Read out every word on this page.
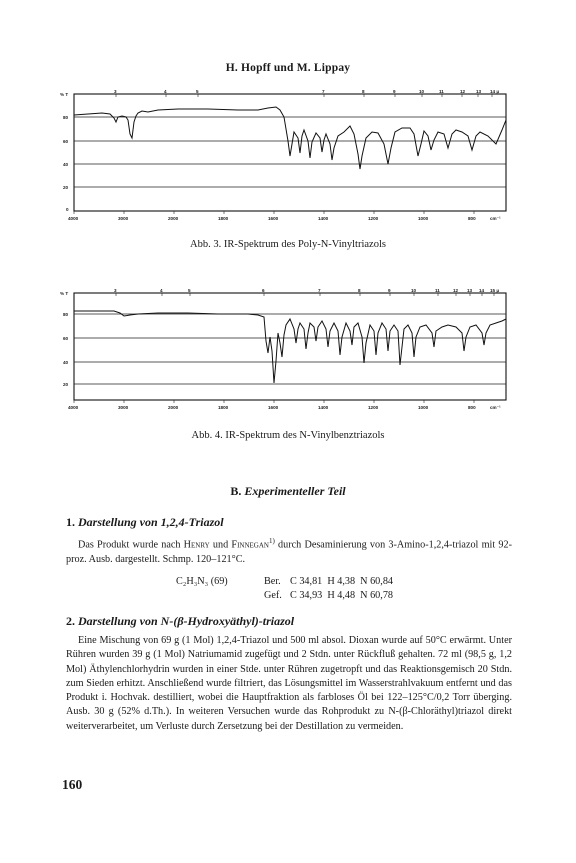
H. Hopff und M. Lippay
% T
80
60
40
20
0
3	4	5	7	8	9	10	11	12 13 14 μ
4000	3000	2000	1800	1600	1400	1200	1000	800	cm⁻¹
Abb. 3. IR-Spektrum des Poly-N-Vinyltriazols
% T
80
60
40
20
3	4	5	6	7	8	9	10	11	12 13 14 15 μ
4000	3000	2000	1800	1600	1400	1200	1000	800	cm⁻¹
Abb. 4. IR-Spektrum des N-Vinylbenztriazols
B. Experimenteller Teil
1. Darstellung von 1,2,4-Triazol
Das Produkt wurde nach Henry und Finnegan$^{1)}$ durch Desaminierung von 3-Amino-1,2,4-triazol mit 92-proz. Ausb. dargestellt. Schmp. 120–121°C.
C₂H₃N₃ (69)	Ber. C 34,81  H 4,38  N 60,84
Gef. C 34,93  H 4,48  N 60,78
2. Darstellung von N-(β-Hydroxyäthyl)-triazol
Eine Mischung von 69 g (1 Mol) 1,2,4-Triazol und 500 ml absol. Dioxan wurde auf 50°C erwärmt. Unter Rühren wurden 39 g (1 Mol) Natriumamid zugefügt und 2 Stdn. unter Rückfluß gehalten. 72 ml (98,5 g, 1,2 Mol) Äthylenchlorhydrin wurden in einer Stde. unter Rühren zugetropft und das Reaktionsgemisch 20 Stdn. zum Sieden erhitzt. Anschließend wurde filtriert, das Lösungsmittel im Wasserstrahlvakuum entfernt und das Produkt i. Hochvak. destilliert, wobei die Hauptfraktion als farbloses Öl bei 122–125°C/0,2 Torr überging. Ausb. 30 g (52% d.Th.). In weiteren Versuchen wurde das Rohprodukt zu N-(β-Chloräthyl)triazol direkt weiterverarbeitet, um Verluste durch Zersetzung bei der Destillation zu vermeiden.
160
